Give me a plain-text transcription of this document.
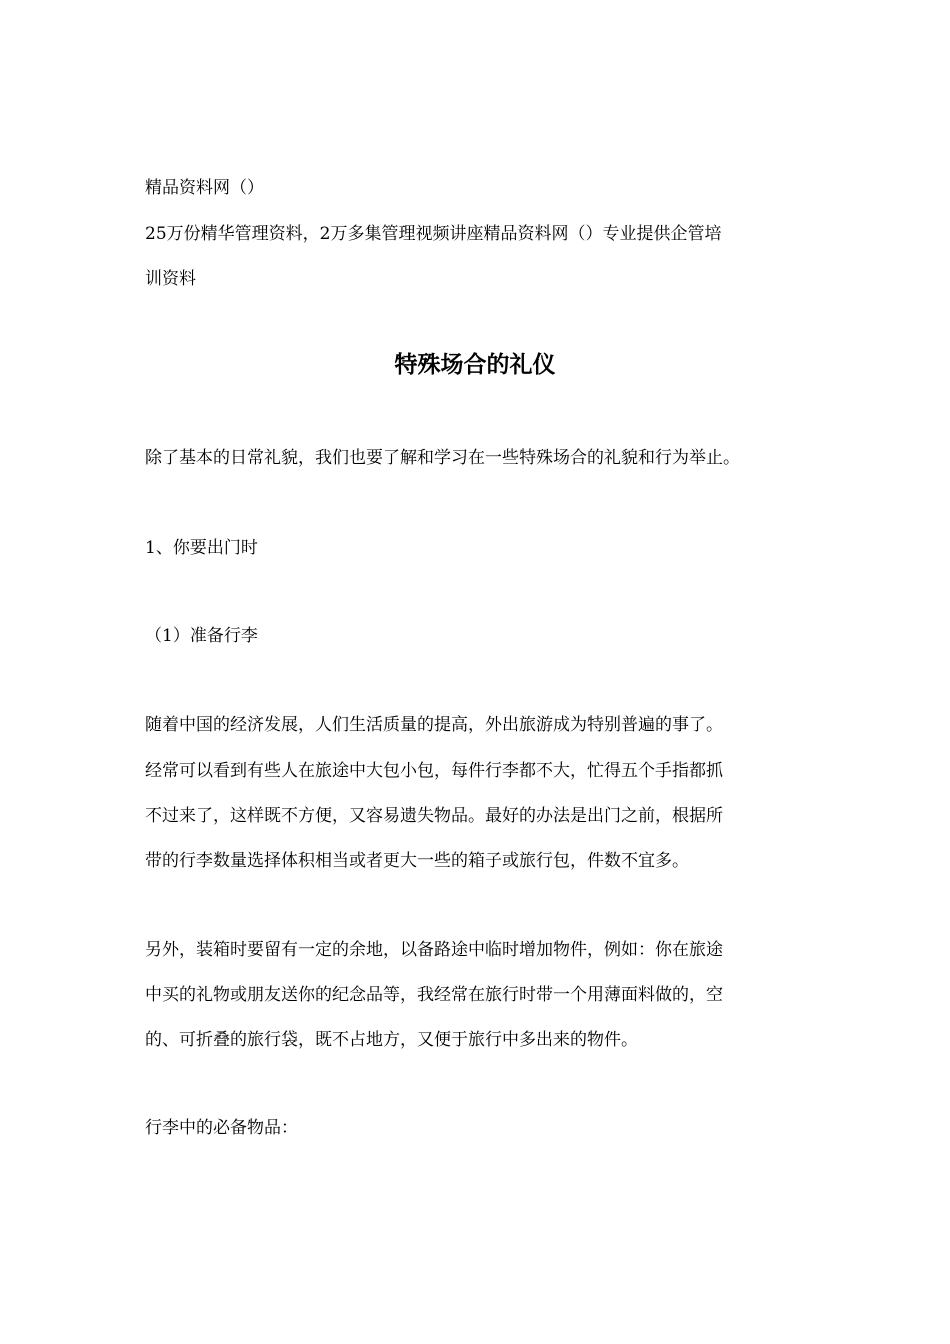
精品资料网（）
25万份精华管理资料，2万多集管理视频讲座精品资料网（）专业提供企管培
训资料
特殊场合的礼仪
除了基本的日常礼貌，我们也要了解和学习在一些特殊场合的礼貌和行为举止。
1、你要出门时
（1）准备行李
随着中国的经济发展，人们生活质量的提高，外出旅游成为特别普遍的事了。
经常可以看到有些人在旅途中大包小包，每件行李都不大，忙得五个手指都抓
不过来了，这样既不方便，又容易遗失物品。最好的办法是出门之前，根据所
带的行李数量选择体积相当或者更大一些的箱子或旅行包，件数不宜多。
另外，装箱时要留有一定的余地，以备路途中临时增加物件，例如：你在旅途
中买的礼物或朋友送你的纪念品等，我经常在旅行时带一个用薄面料做的，空
的、可折叠的旅行袋，既不占地方，又便于旅行中多出来的物件。
行李中的必备物品：
